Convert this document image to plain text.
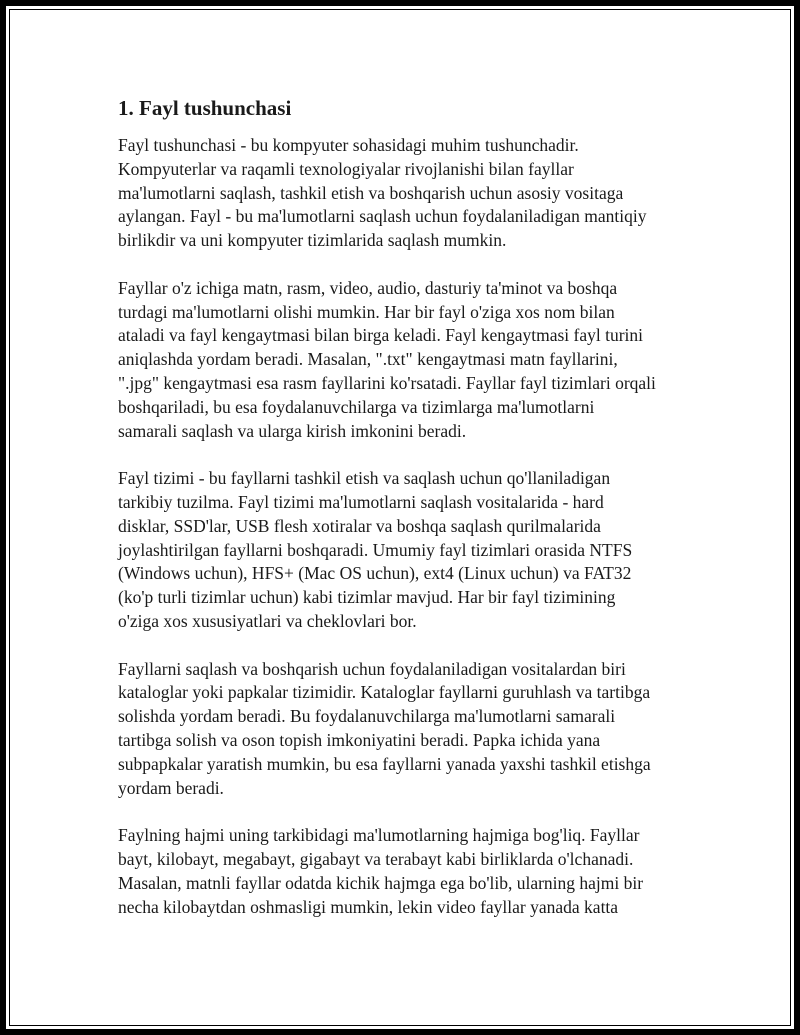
1. Fayl tushunchasi

Fayl tushunchasi - bu kompyuter sohasidagi muhim tushunchadir.
Kompyuterlar va raqamli texnologiyalar rivojlanishi bilan fayllar
ma'lumotlarni saqlash, tashkil etish va boshqarish uchun asosiy vositaga
aylangan. Fayl - bu ma'lumotlarni saqlash uchun foydalaniladigan mantiqiy
birlikdir va uni kompyuter tizimlarida saqlash mumkin.

Fayllar o'z ichiga matn, rasm, video, audio, dasturiy ta'minot va boshqa
turdagi ma'lumotlarni olishi mumkin. Har bir fayl o'ziga xos nom bilan
ataladi va fayl kengaytmasi bilan birga keladi. Fayl kengaytmasi fayl turini
aniqlashda yordam beradi. Masalan, ".txt" kengaytmasi matn fayllarini,
".jpg" kengaytmasi esa rasm fayllarini ko'rsatadi. Fayllar fayl tizimlari orqali
boshqariladi, bu esa foydalanuvchilarga va tizimlarga ma'lumotlarni
samarali saqlash va ularga kirish imkonini beradi.

Fayl tizimi - bu fayllarni tashkil etish va saqlash uchun qo'llaniladigan
tarkibiy tuzilma. Fayl tizimi ma'lumotlarni saqlash vositalarida - hard
disklar, SSD'lar, USB flesh xotiralar va boshqa saqlash qurilmalarida
joylashtirilgan fayllarni boshqaradi. Umumiy fayl tizimlari orasida NTFS
(Windows uchun), HFS+ (Mac OS uchun), ext4 (Linux uchun) va FAT32
(ko'p turli tizimlar uchun) kabi tizimlar mavjud. Har bir fayl tizimining
o'ziga xos xususiyatlari va cheklovlari bor.

Fayllarni saqlash va boshqarish uchun foydalaniladigan vositalardan biri
kataloglar yoki papkalar tizimidir. Kataloglar fayllarni guruhlash va tartibga
solishda yordam beradi. Bu foydalanuvchilarga ma'lumotlarni samarali
tartibga solish va oson topish imkoniyatini beradi. Papka ichida yana
subpapkalar yaratish mumkin, bu esa fayllarni yanada yaxshi tashkil etishga
yordam beradi.

Faylning hajmi uning tarkibidagi ma'lumotlarning hajmiga bog'liq. Fayllar
bayt, kilobayt, megabayt, gigabayt va terabayt kabi birliklarda o'lchanadi.
Masalan, matnli fayllar odatda kichik hajmga ega bo'lib, ularning hajmi bir
necha kilobaytdan oshmasligi mumkin, lekin video fayllar yanada katta
